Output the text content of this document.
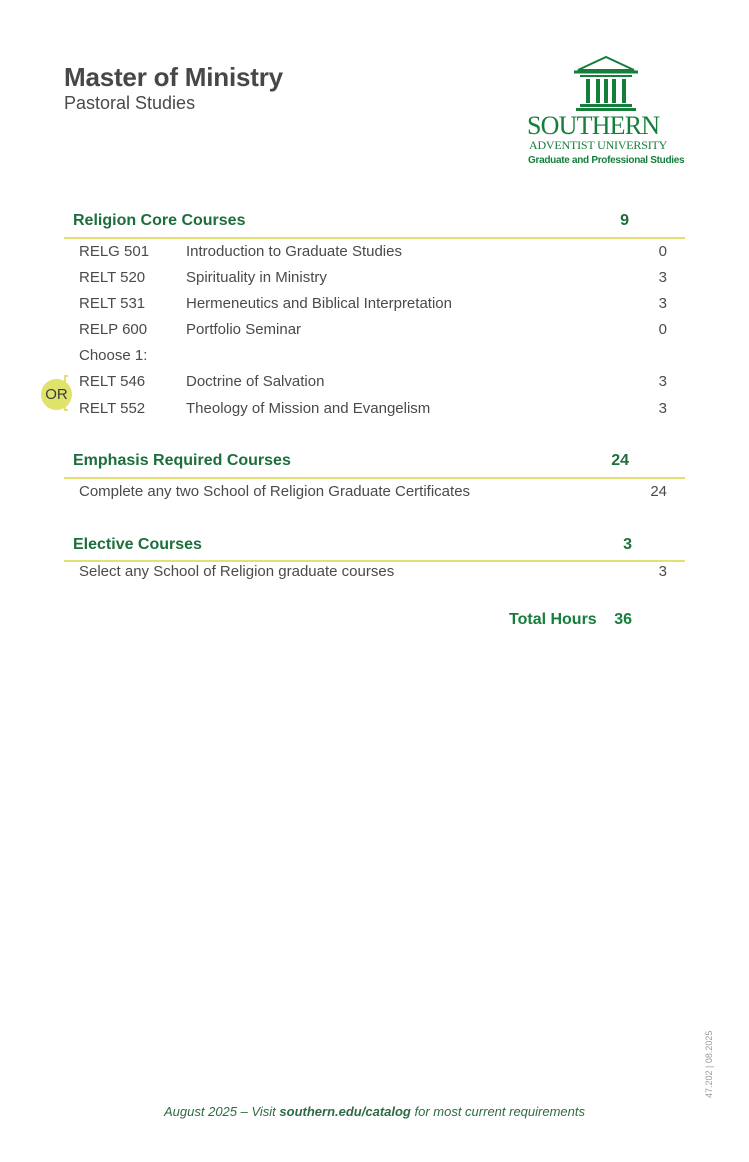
Master of Ministry
Pastoral Studies
SOUTHERN
ADVENTIST UNIVERSITY
Graduate and Professional Studies
Religion Core Courses	9
RELG 501 Introduction to Graduate Studies	0
RELT 520	Spirituality in Ministry	3
RELT 531	Hermeneutics and Biblical Interpretation	3
RELP 600	Portfolio Seminar	0
Choose 1:
OR
RELT 546	Doctrine of Salvation	3
RELT 552	Theology of Mission and Evangelism	3
Emphasis Required Courses	24
Complete any two School of Religion Graduate Certificates	24
Elective Courses	3
Select any School of Religion graduate courses	3
Total Hours 36
August 2025 – Visit southern.edu/catalog for most current requirements
47.202 | 08.2025
